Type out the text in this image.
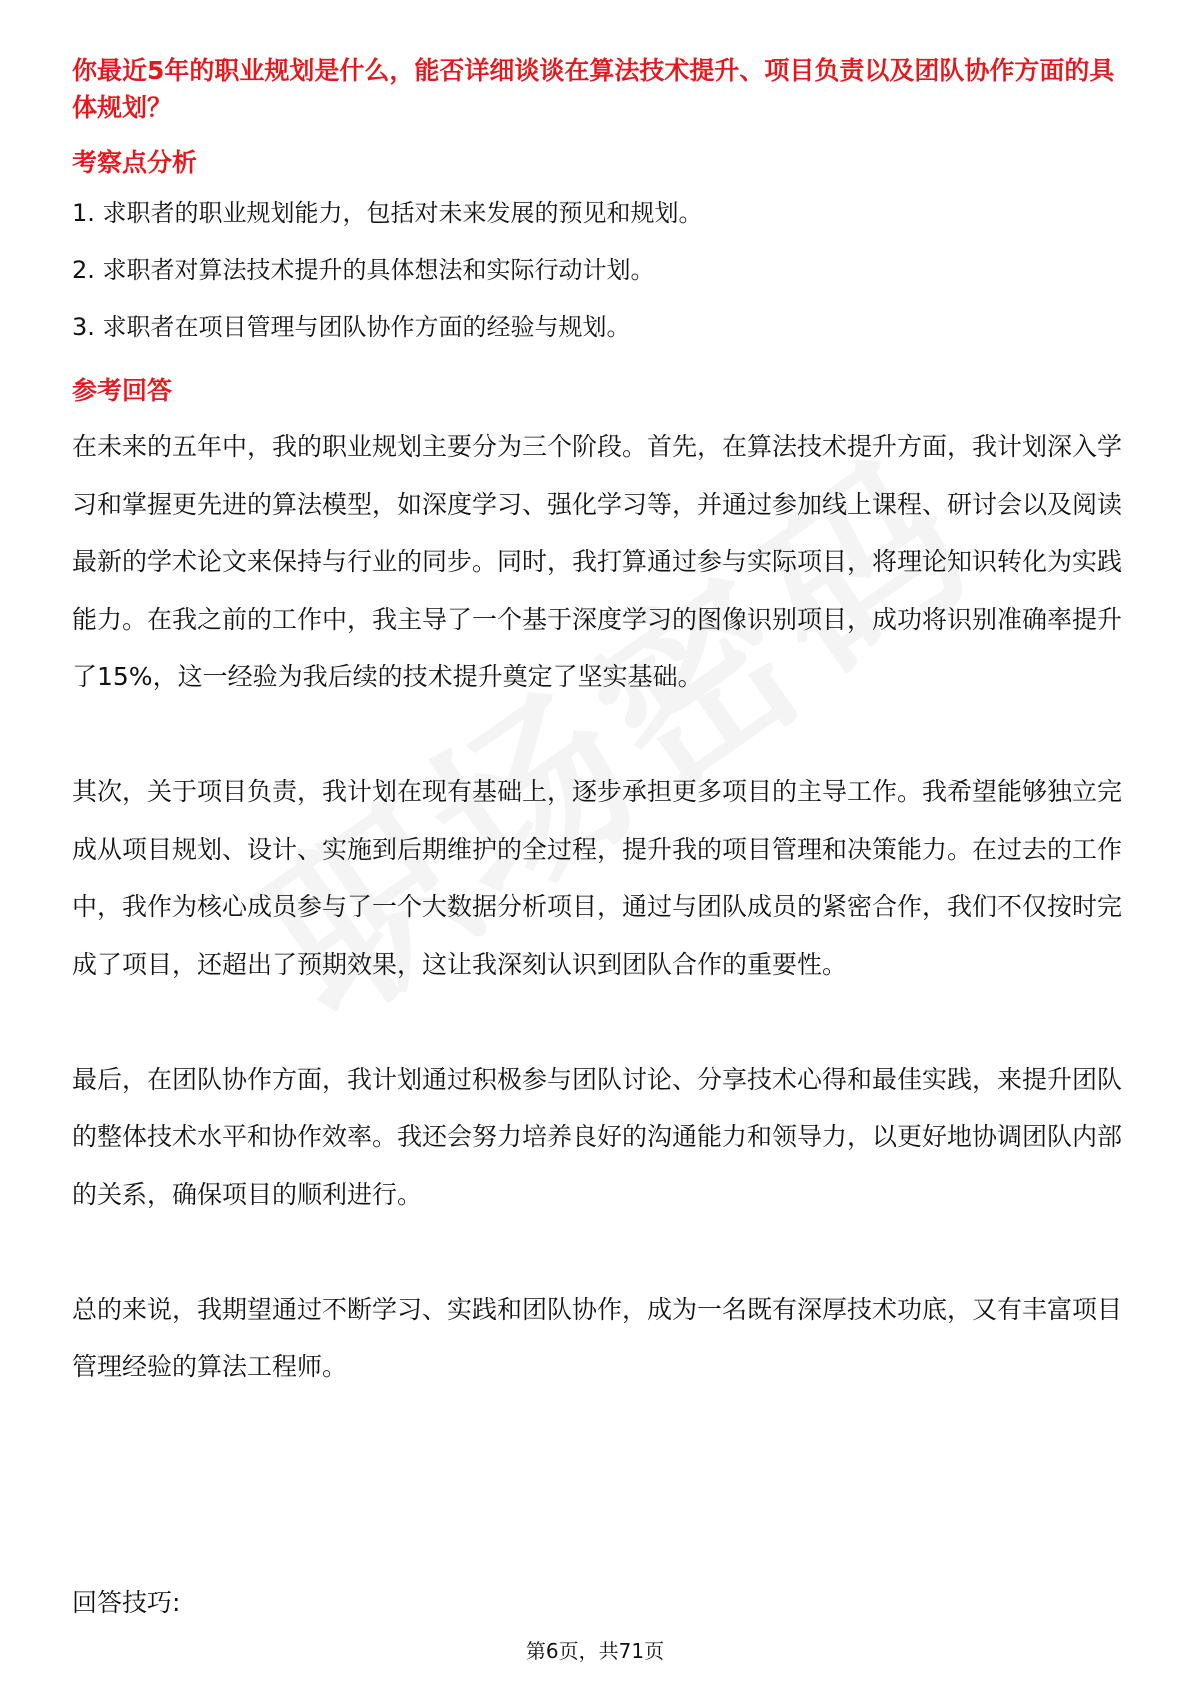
你最近5年的职业规划是什么，能否详细谈谈在算法技术提升、项目负责以及团队协作方面的具体规划？
考察点分析
1. 求职者的职业规划能力，包括对未来发展的预见和规划。
2. 求职者对算法技术提升的具体想法和实际行动计划。
3. 求职者在项目管理与团队协作方面的经验与规划。
参考回答

在未来的五年中，我的职业规划主要分为三个阶段。首先，在算法技术提升方面，我计划深入学习和掌握更先进的算法模型，如深度学习、强化学习等，并通过参加线上课程、研讨会以及阅读最新的学术论文来保持与行业的同步。同时，我打算通过参与实际项目，将理论知识转化为实践能力。在我之前的工作中，我主导了一个基于深度学习的图像识别项目，成功将识别准确率提升了15%，这一经验为我后续的技术提升奠定了坚实基础。

其次，关于项目负责，我计划在现有基础上，逐步承担更多项目的主导工作。我希望能够独立完成从项目规划、设计、实施到后期维护的全过程，提升我的项目管理和决策能力。在过去的工作中，我作为核心成员参与了一个大数据分析项目，通过与团队成员的紧密合作，我们不仅按时完成了项目，还超出了预期效果，这让我深刻认识到团队合作的重要性。

最后，在团队协作方面，我计划通过积极参与团队讨论、分享技术心得和最佳实践，来提升团队的整体技术水平和协作效率。我还会努力培养良好的沟通能力和领导力，以更好地协调团队内部的关系，确保项目的顺利进行。

总的来说，我期望通过不断学习、实践和团队协作，成为一名既有深厚技术功底，又有丰富项目管理经验的算法工程师。

回答技巧:

第6页，共71页
